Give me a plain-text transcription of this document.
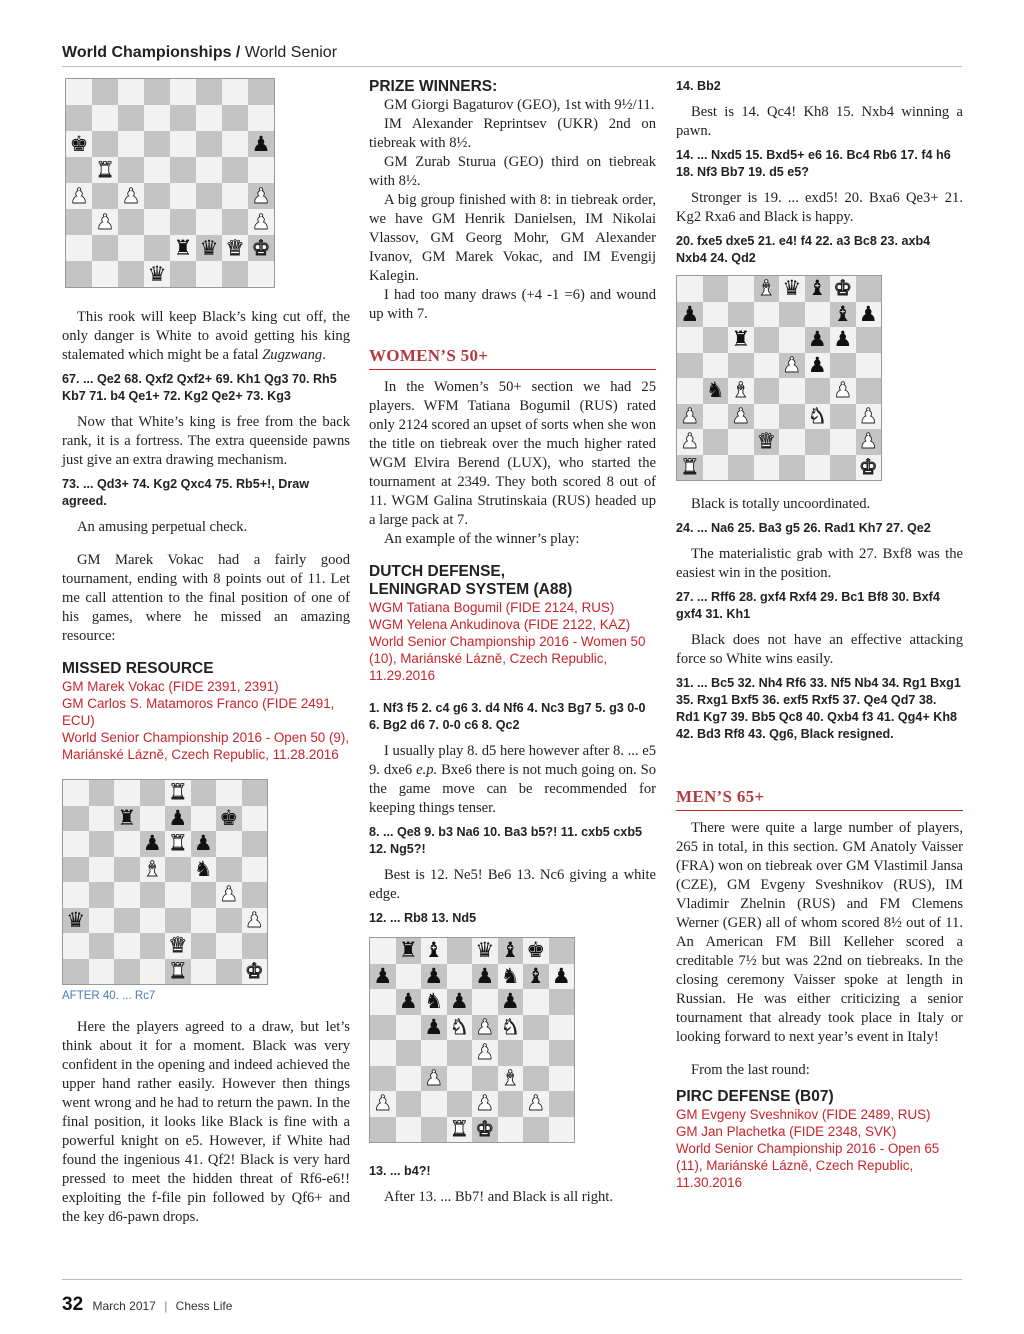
World Championships / World Senior
♚	♟
♜
♟ ♟	♟
♟	♟
♜ ♛ ♛ ♚
♛

This rook will keep Black’s king cut off, the only danger is White to avoid getting his king stalemated which might be a fatal Zugzwang.

67. ... Qe2 68. Qxf2 Qxf2+ 69. Kh1 Qg3 70. Rh5 Kb7 71. b4 Qe1+ 72. Kg2 Qe2+ 73. Kg3

Now that White’s king is free from the back rank, it is a fortress. The extra queenside pawns just give an extra drawing mechanism.

73. ... Qd3+ 74. Kg2 Qxc4 75. Rb5+!, Draw agreed.

An amusing perpetual check.

GM Marek Vokac had a fairly good tournament, ending with 8 points out of 11. Let me call attention to the final position of one of his games, where he missed an amazing resource:

MISSED RESOURCE
GM Marek Vokac (FIDE 2391, 2391)
GM Carlos S. Matamoros Franco (FIDE 2491, ECU)
World Senior Championship 2016 - Open 50 (9), Mariánské Lázně, Czech Republic, 11.28.2016
♜
♜ ♟ ♚
♟ ♜ ♟
♝ ♞
♟
♛	♟
♛
♜	♚
AFTER 40. ... Rc7

Here the players agreed to a draw, but let’s think about it for a moment. Black was very confident in the opening and indeed achieved the upper hand rather easily. However then things went wrong and he had to return the pawn. In the final position, it looks like Black is fine with a powerful knight on e5. However, if White had found the ingenious 41. Qf2! Black is very hard pressed to meet the hidden threat of Rf6-e6!! exploiting the f-file pin followed by Qf6+ and the key d6-pawn drops.

PRIZE WINNERS:

GM Giorgi Bagaturov (GEO), 1st with 9½/11.

IM Alexander Reprintsev (UKR) 2nd on tiebreak with 8½.

GM Zurab Sturua (GEO) third on tiebreak with 8½.

A big group finished with 8: in tiebreak order, we have GM Henrik Danielsen, IM Nikolai Vlassov, GM Georg Mohr, GM Alexander Ivanov, GM Marek Vokac, and IM Evengij Kalegin.

I had too many draws (+4 -1 =6) and wound up with 7.

WOMEN’S 50+

In the Women’s 50+ section we had 25 players. WFM Tatiana Bogumil (RUS) rated only 2124 scored an upset of sorts when she won the title on tiebreak over the much higher rated WGM Elvira Berend (LUX), who started the tournament at 2349. They both scored 8 out of 11. WGM Galina Strutinskaia (RUS) headed up a large pack at 7.

An example of the winner’s play:

DUTCH DEFENSE,
LENINGRAD SYSTEM (A88)
WGM Tatiana Bogumil (FIDE 2124, RUS)
WGM Yelena Ankudinova (FIDE 2122, KAZ)
World Senior Championship 2016 - Women 50 (10), Mariánské Lázně, Czech Republic, 11.29.2016
1. Nf3 f5 2. c4 g6 3. d4 Nf6 4. Nc3 Bg7 5. g3 0-0 6. Bg2 d6 7. 0-0 c6 8. Qc2

I usually play 8. d5 here however after 8. ... e5 9. dxe6 e.p. Bxe6 there is not much going on. So the game move can be recommended for keeping things tenser.

8. ... Qe8 9. b3 Na6 10. Ba3 b5?! 11. cxb5 cxb5 12. Ng5?!

Best is 12. Ne5! Be6 13. Nc6 giving a white edge.

12. ... Rb8 13. Nd5
♜ ♝ ♛ ♝ ♚
♟ ♟ ♟ ♞ ♝ ♟
♟ ♞ ♟ ♟
♟ ♞ ♟ ♞
♟
♟	♝
♟	♟ ♟
♜ ♚
13. ... b4?!

After 13. ... Bb7! and Black is all right.

14. Bb2

Best is 14. Qc4! Kh8 15. Nxb4 winning a pawn.

14. ... Nxd5 15. Bxd5+ e6 16. Bc4 Rb6 17. f4 h6 18. Nf3 Bb7 19. d5 e5?

Stronger is 19. ... exd5! 20. Bxa6 Qe3+ 21. Kg2 Rxa6 and Black is happy.

20. fxe5 dxe5 21. e4! f4 22. a3 Bc8 23. axb4 Nxb4 24. Qd2
♝ ♛ ♝ ♚
♟	♝ ♟
♜	♟ ♟
♟ ♟
♞ ♝	♟
♟ ♟	♞ ♟
♟	♛	♟
♜	♚

Black is totally uncoordinated.

24. ... Na6 25. Ba3 g5 26. Rad1 Kh7 27. Qe2

The materialistic grab with 27. Bxf8 was the easiest win in the position.

27. ... Rff6 28. gxf4 Rxf4 29. Bc1 Bf8 30. Bxf4 gxf4 31. Kh1

Black does not have an effective attacking force so White wins easily.

31. ... Bc5 32. Nh4 Rf6 33. Nf5 Nb4 34. Rg1 Bxg1 35. Rxg1 Bxf5 36. exf5 Rxf5 37. Qe4 Qd7 38. Rd1 Kg7 39. Bb5 Qc8 40. Qxb4 f3 41. Qg4+ Kh8 42. Bd3 Rf8 43. Qg6, Black resigned.
MEN’S 65+

There were quite a large number of players, 265 in total, in this section. GM Anatoly Vaisser (FRA) won on tiebreak over GM Vlastimil Jansa (CZE), GM Evgeny Sveshnikov (RUS), IM Vladimir Zhelnin (RUS) and FM Clemens Werner (GER) all of whom scored 8½ out of 11. An American FM Bill Kelleher scored a creditable 7½ but was 22nd on tiebreaks. In the closing ceremony Vaisser spoke at length in Russian. He was either criticizing a senior tournament that already took place in Italy or looking forward to next year’s event in Italy!

From the last round:

PIRC DEFENSE (B07)
GM Evgeny Sveshnikov (FIDE 2489, RUS)
GM Jan Plachetka (FIDE 2348, SVK)
World Senior Championship 2016 - Open 65 (11), Mariánské Lázně, Czech Republic, 11.30.2016
32 March 2017 | Chess Life
